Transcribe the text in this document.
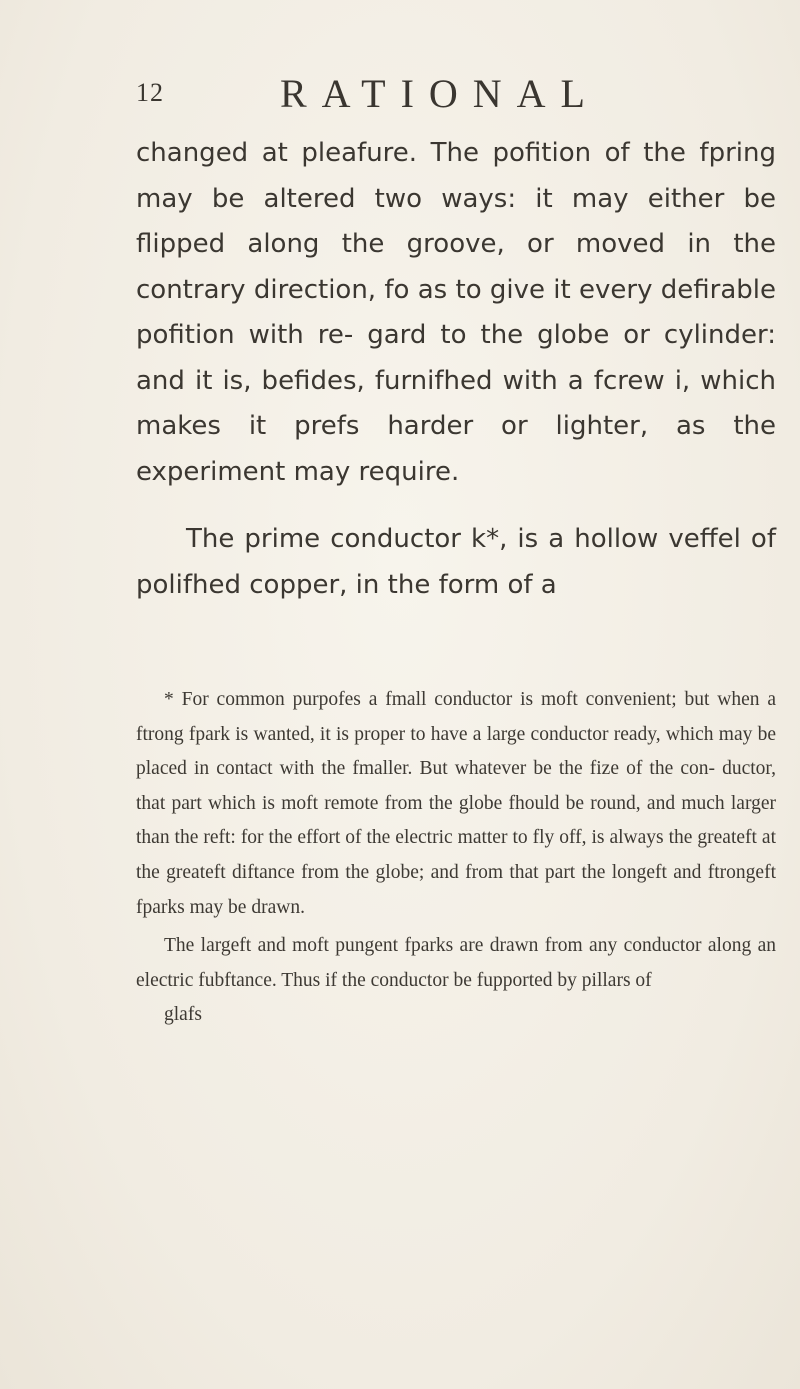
12	RATIONAL

changed at pleafure. The pofition of the fpring may be altered two ways: it may either be flipped along the groove, or moved in the contrary direction, fo as to give it every defirable pofition with re- gard to the globe or cylinder: and it is, befides, furnifhed with a fcrew i, which makes it prefs harder or lighter, as the experiment may require.

The prime conductor k*, is a hollow veffel of polifhed copper, in the form of a

* For common purpofes a fmall conductor is moft convenient; but when a ftrong fpark is wanted, it is proper to have a large conductor ready, which may be placed in contact with the fmaller. But whatever be the fize of the con- ductor, that part which is moft remote from the globe fhould be round, and much larger than the reft: for the effort of the electric matter to fly off, is always the greateft at the greateft diftance from the globe; and from that part the longeft and ftrongeft fparks may be drawn.

The largeft and moft pungent fparks are drawn from any conductor along an electric fubftance. Thus if the conductor be fupported by pillars of

glafs
